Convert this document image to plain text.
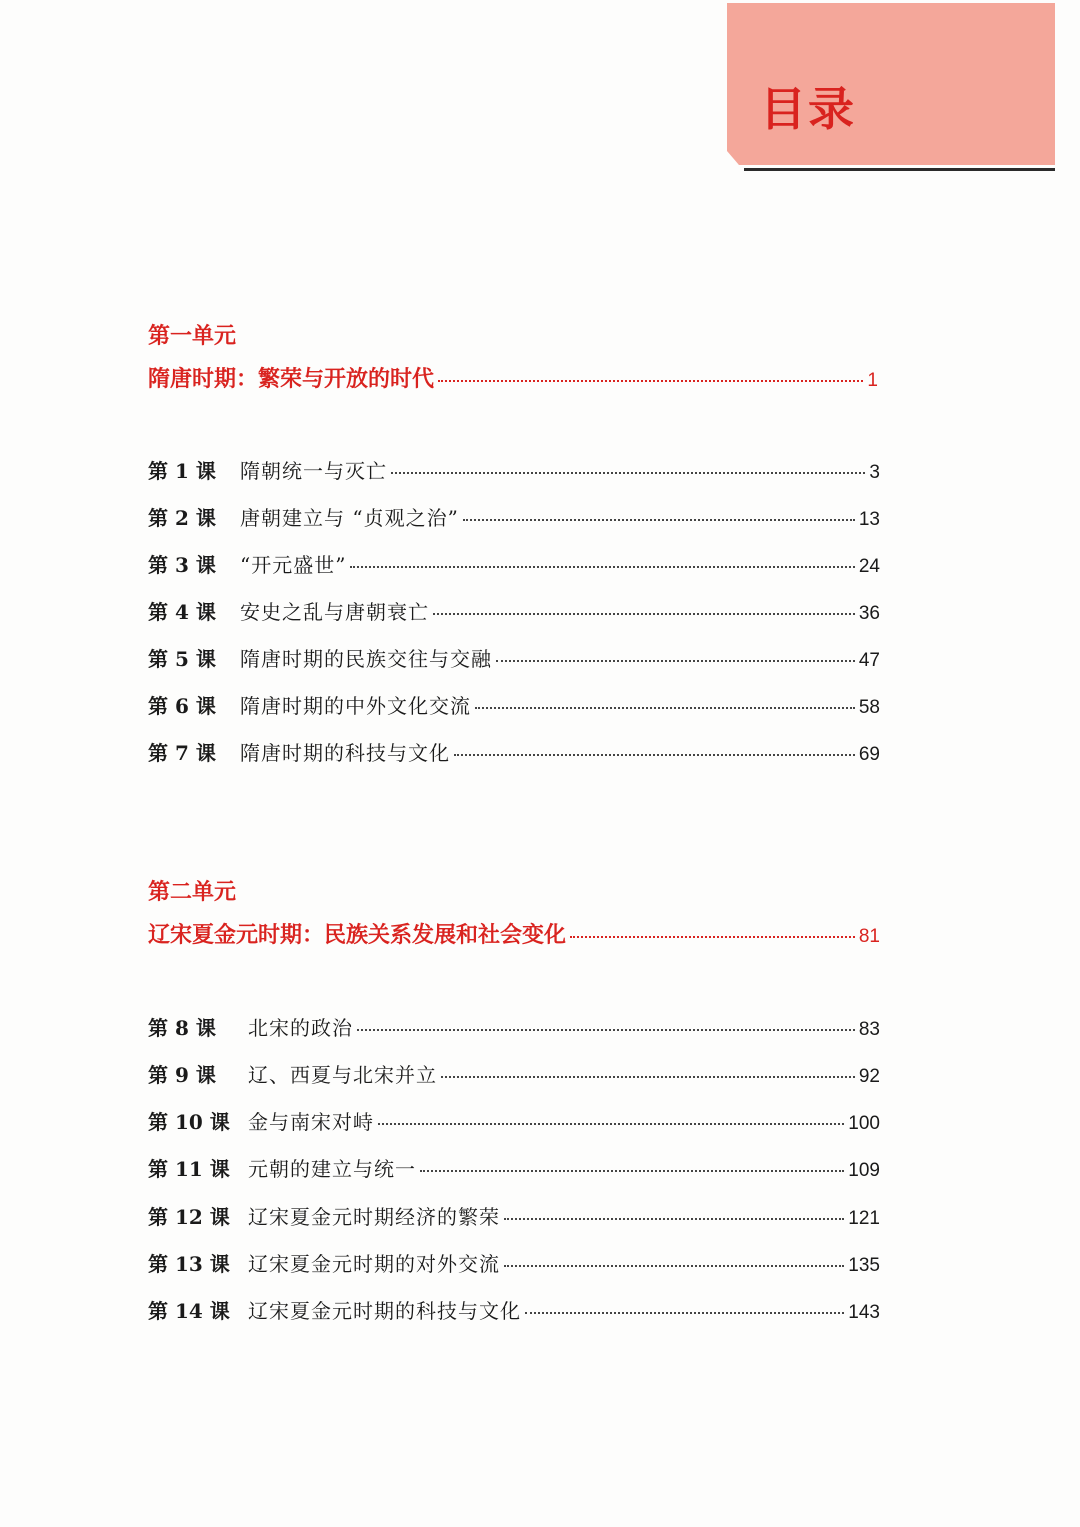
目录
第一单元
隋唐时期：繁荣与开放的时代	1
第 1 课	隋朝统一与灭亡	3
第 2 课	唐朝建立与 “贞观之治”	13
第 3 课	“开元盛世”	24
第 4 课	安史之乱与唐朝衰亡	36
第 5 课	隋唐时期的民族交往与交融	47
第 6 课	隋唐时期的中外文化交流	58
第 7 课	隋唐时期的科技与文化	69
第二单元
辽宋夏金元时期：民族关系发展和社会变化	81
第 8 课	北宋的政治	83
第 9 课	辽、西夏与北宋并立	92
第 10 课 金与南宋对峙	100
第 11 课 元朝的建立与统一	109
第 12 课 辽宋夏金元时期经济的繁荣	121
第 13 课 辽宋夏金元时期的对外交流	135
第 14 课 辽宋夏金元时期的科技与文化	143
